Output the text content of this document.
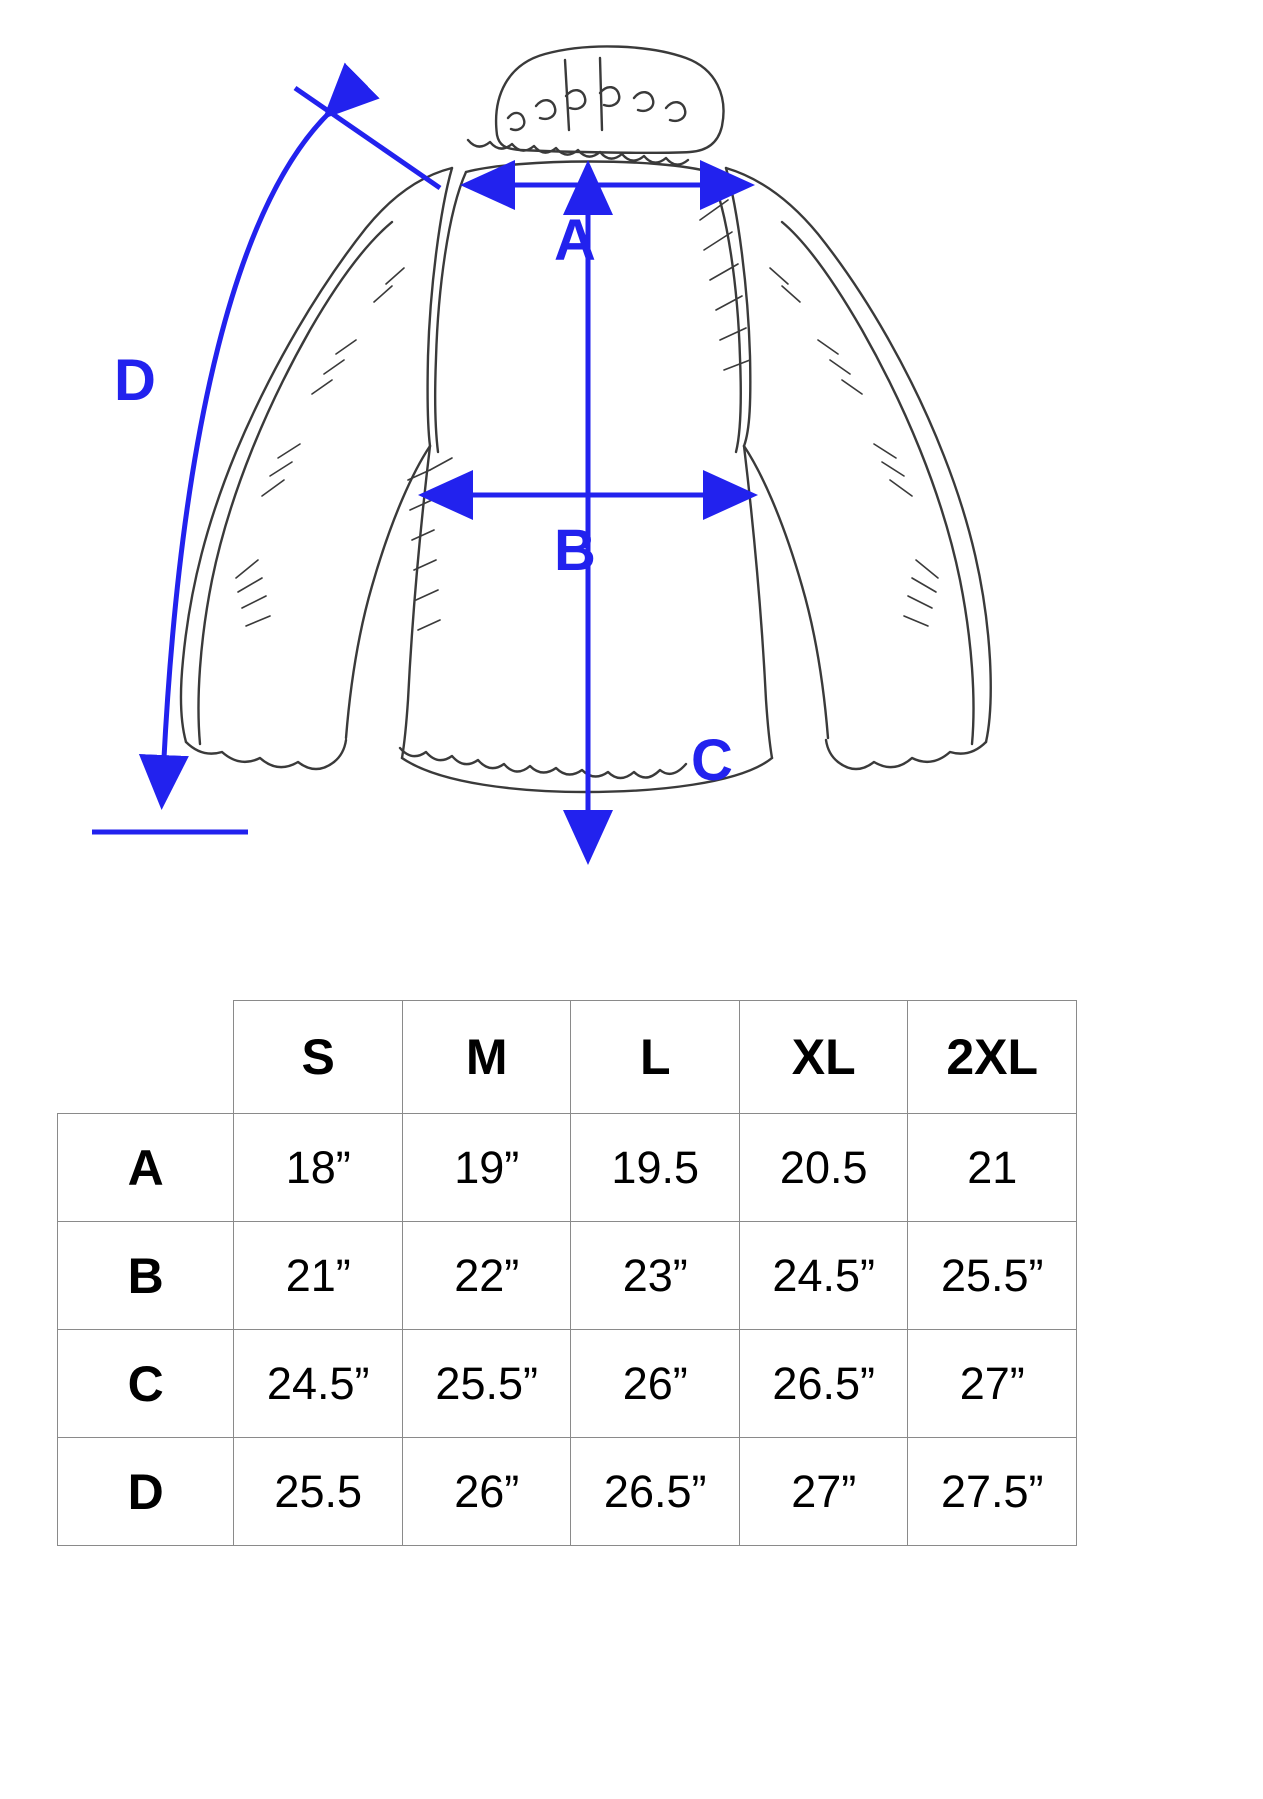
A
B
C
D
	S	M	L	XL	2XL
A	18”	19”	19.5	20.5	21
B	21”	22”	23”	24.5”	25.5”
C	24.5”	25.5”	26”	26.5”	27”
D	25.5	26”	26.5”	27”	27.5”
